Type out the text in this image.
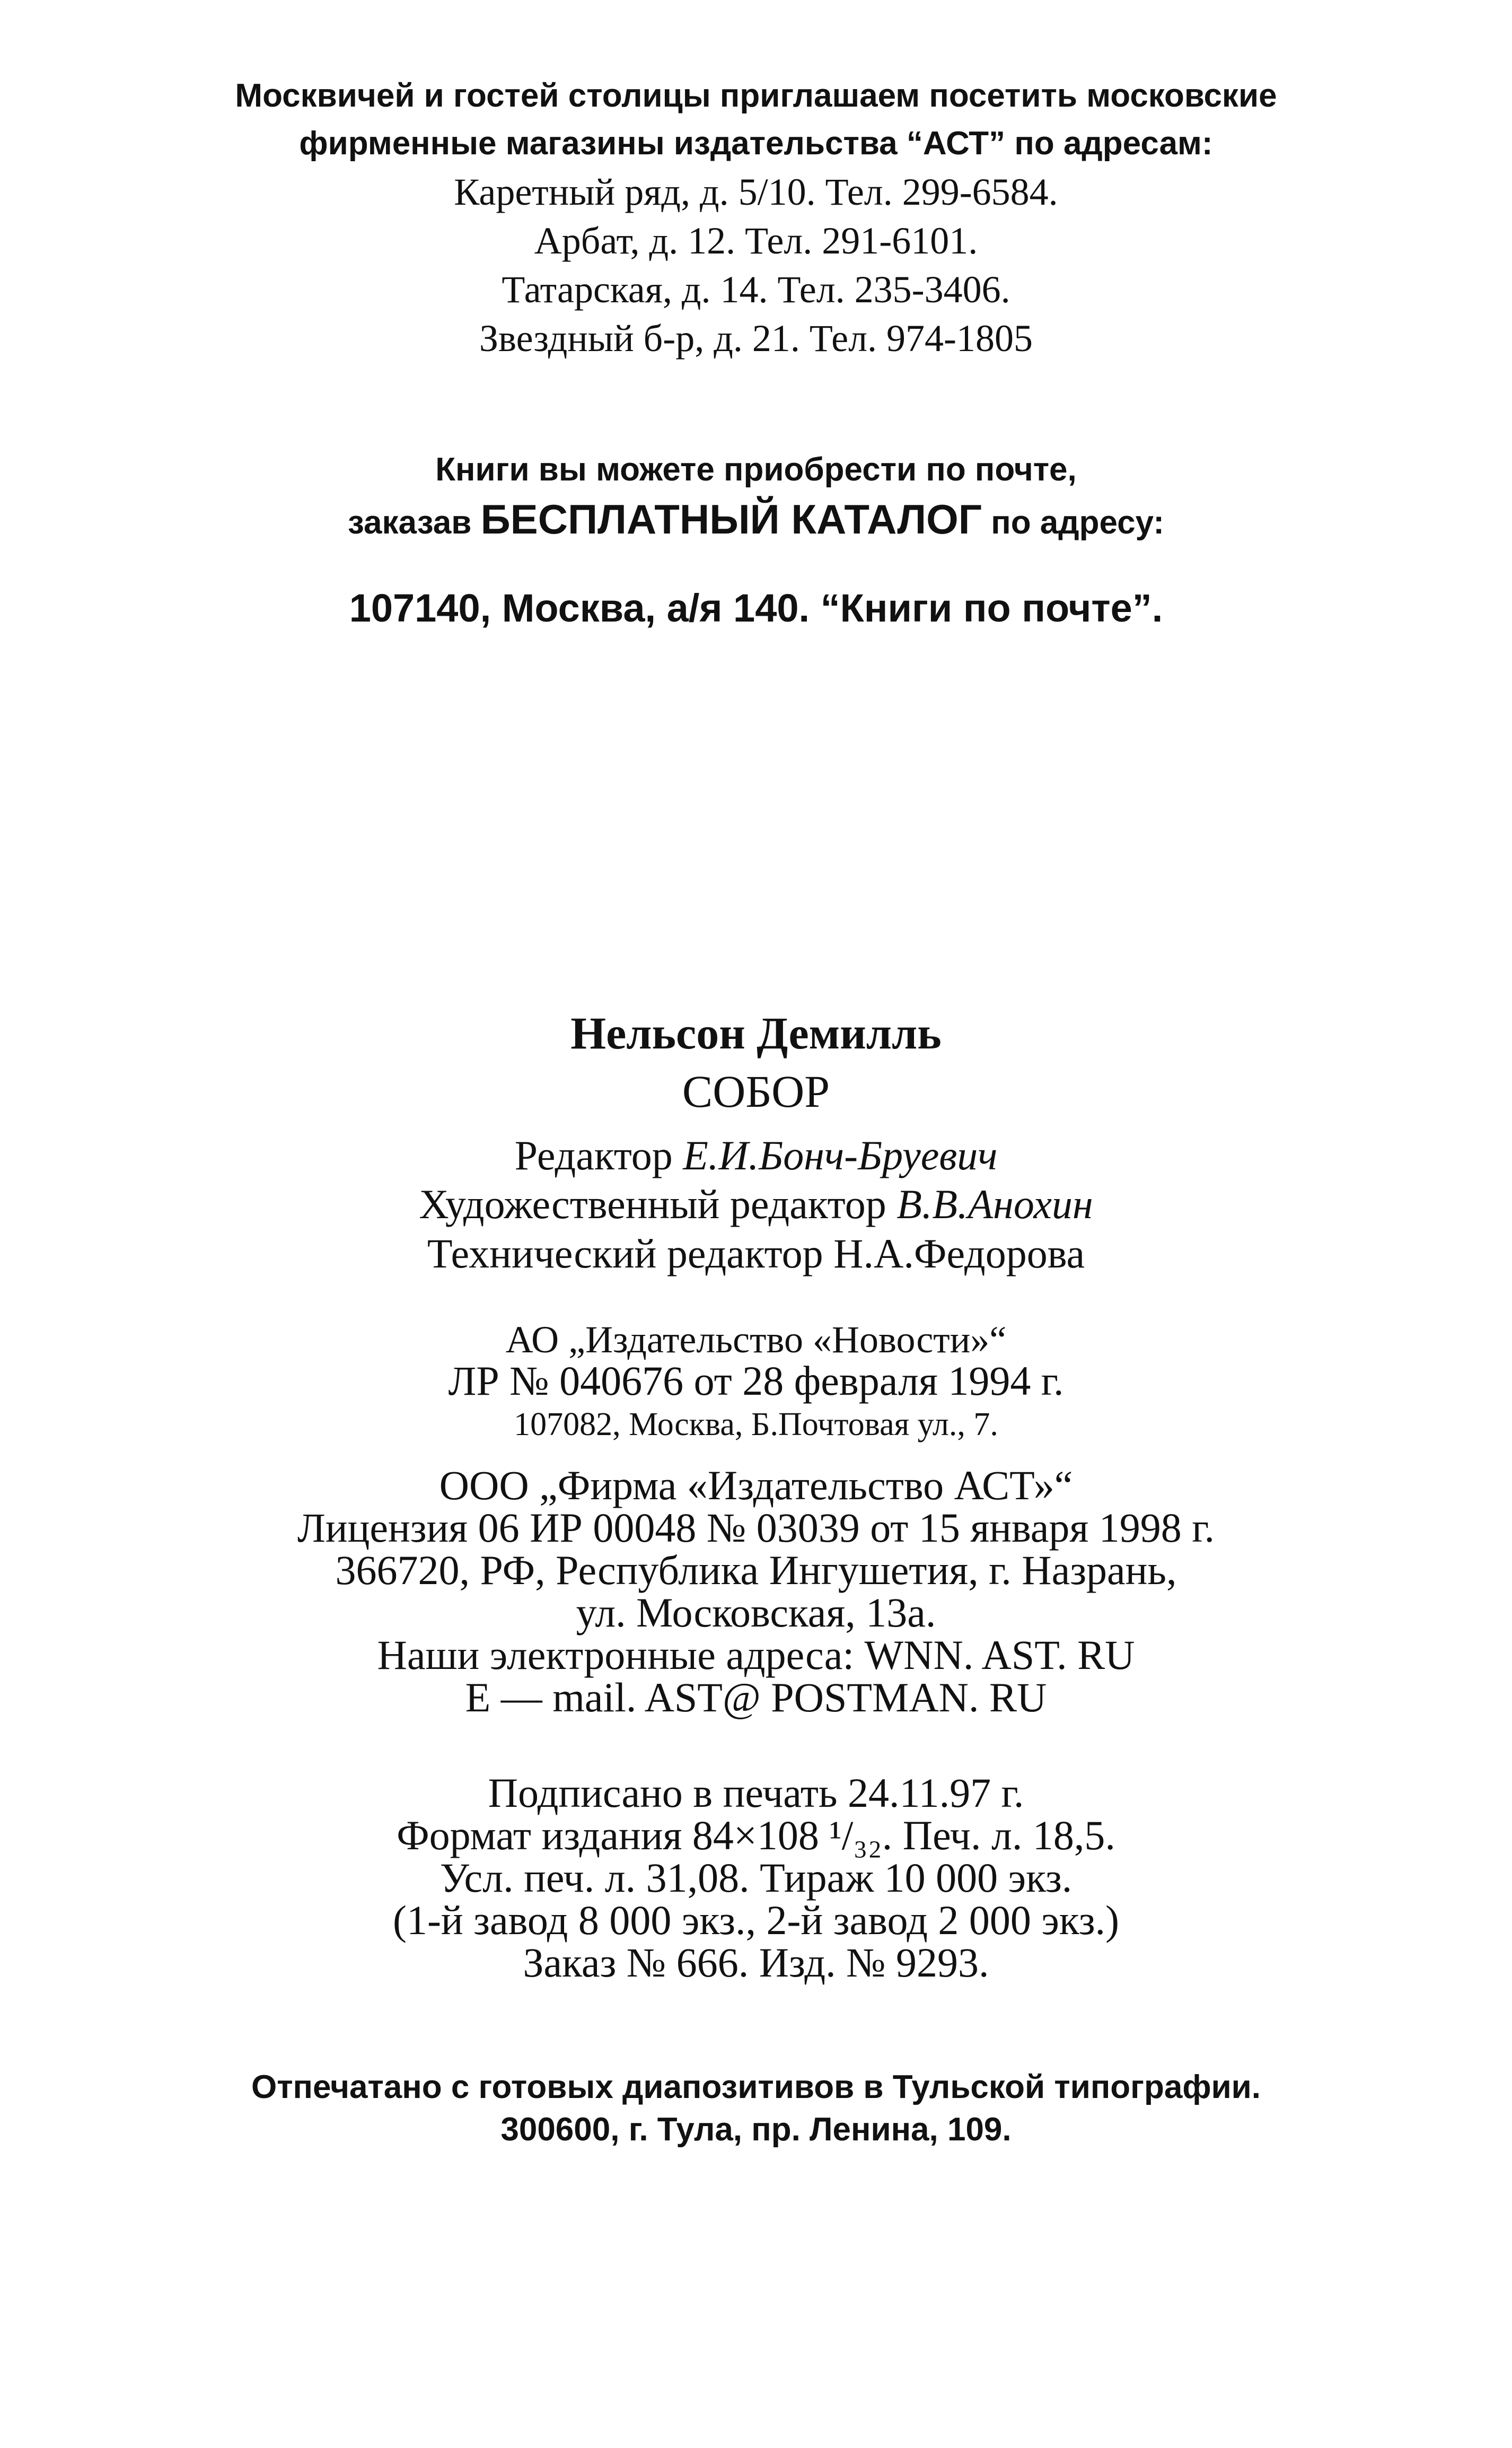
Москвичей и гостей столицы приглашаем посетить московские
фирменные магазины издательства “АСТ” по адресам:
Каретный ряд, д. 5/10. Тел. 299-6584.
Арбат, д. 12. Тел. 291-6101.
Татарская, д. 14. Тел. 235-3406.
Звездный б-р, д. 21. Тел. 974-1805
Книги вы можете приобрести по почте,
заказав БЕСПЛАТНЫЙ КАТАЛОГ по адресу:
107140, Москва, а/я 140. “Книги по почте”.
Нельсон Демилль
СОБОР
Редактор Е.И.Бонч-Бруевич
Художественный редактор В.В.Анохин
Технический редактор Н.А.Федорова
АО „Издательство «Новости»“
ЛР № 040676 от 28 февраля 1994 г.
107082, Москва, Б.Почтовая ул., 7.
ООО „Фирма «Издательство АСТ»“
Лицензия 06 ИР 00048 № 03039 от 15 января 1998 г.
366720, РФ, Республика Ингушетия, г. Назрань,
ул. Московская, 13а.
Наши электронные адреса: WNN. AST. RU
E — mail. AST@ POSTMAN. RU
Подписано в печать 24.11.97 г.
Формат издания 84×108 ¹/₃₂. Печ. л. 18,5.
Усл. печ. л. 31,08. Тираж 10 000 экз.
(1-й завод 8 000 экз., 2-й завод 2 000 экз.)
Заказ № 666. Изд. № 9293.
Отпечатано с готовых диапозитивов в Тульской типографии.
300600, г. Тула, пр. Ленина, 109.
